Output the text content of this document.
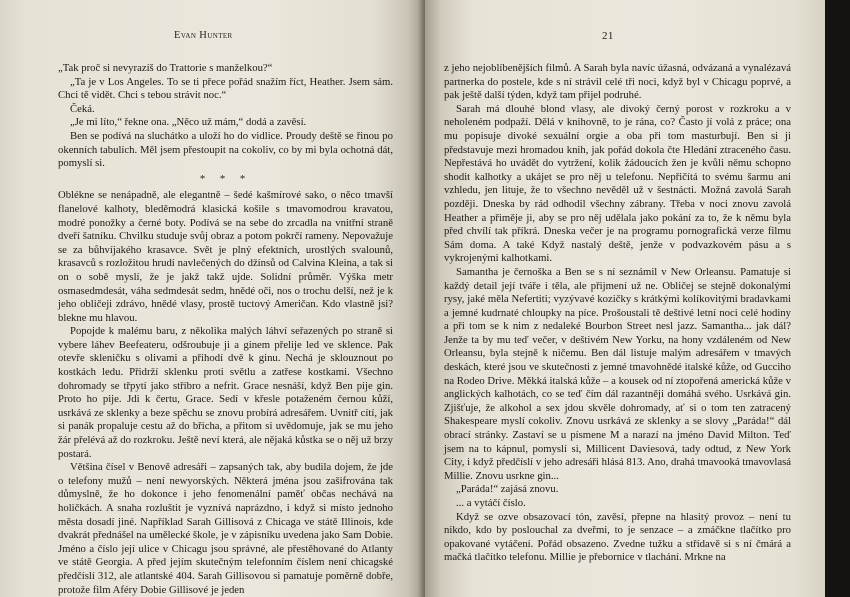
Evan Hunter

„Tak proč si nevyrazíš do Trattorie s manželkou?“

„Ta je v Los Angeles. To se ti přece pořád snažím říct, Heather. Jsem sám. Chci tě vidět. Chci s tebou strávit noc.“

Čeká.

„Je mi líto,“ řekne ona. „Něco už mám,“ dodá a zavěsí.

Ben se podívá na sluchátko a uloží ho do vidlice. Proudy deště se řinou po okenních tabulích. Měl jsem přestoupit na cokoliv, co by mi byla ochotná dát, pomyslí si.

* * *

Oblékne se nenápadně, ale elegantně – šedé kašmírové sako, o něco tmavší flanelové kalhoty, bleděmodrá klasická košile s tmavomodrou kravatou, modré ponožky a černé boty. Podívá se na sebe do zrcadla na vnitřní straně dveří šatníku. Chvilku studuje svůj obraz a potom pokrčí rameny. Nepovažuje se za bůhvíjakého krasavce. Svět je plný efektních, urostlých svalounů, krasavců s rozložitou hrudí navlečených do džínsů od Calvina Kleina, a tak si on o sobě myslí, že je jakž takž ujde. Solidní průměr. Výška metr osmasedmdesát, váha sedmdesát sedm, hnědé oči, nos o trochu delší, než je k jeho obličeji zdrávo, hnědé vlasy, prostě tuctový Američan. Kdo vlastně jsi? blekne mu hlavou.

Popojde k malému baru, z několika malých láhví seřazených po straně si vybere láhev Beefeateru, odšroubuje ji a ginem přelije led ve sklence. Pak otevře skleničku s olivami a přihodí dvě k ginu. Nechá je sklouznout po kostkách ledu. Přidrží sklenku proti světlu a zatřese kostkami. Všechno dohromady se třpytí jako stříbro a nefrit. Grace nesnáší, když Ben pije gin. Proto ho pije. Jdi k čertu, Grace. Sedí v křesle potaženém černou kůží, usrkává ze sklenky a beze spěchu se znovu probírá adresářem. Uvnitř cítí, jak si panák propaluje cestu až do břicha, a přitom si uvědomuje, jak se mu jeho žár přelévá až do rozkroku. Ještě neví která, ale nějaká kůstka se o něj už brzy postará.

Většina čísel v Benově adresáři – zapsaných tak, aby budila dojem, že jde o telefony mužů – není newyorských. Některá jména jsou zašifrována tak důmyslně, že ho dokonce i jeho fenomenální paměť občas nechává na holičkách. A snaha rozluštit je vyznívá naprázdno, i když si místo jednoho města dosadí jiné. Například Sarah Gillisová z Chicaga ve státě Illinois, kde dvakrát přednášel na umělecké škole, je v zápisníku uvedena jako Sam Dobie. Jméno a číslo její ulice v Chicagu jsou správné, ale přestěhované do Atlanty ve státě Georgia. A před jejím skutečným telefonním číslem není chicagské předčíslí 312, ale atlantské 404. Sarah Gillisovou si pamatuje poměrně dobře, protože film Aféry Dobie Gillisové je jeden

21

z jeho nejoblíbenějších filmů. A Sarah byla navíc úžasná, odvázaná a vynalézavá partnerka do postele, kde s ní strávil celé tři noci, když byl v Chicagu poprvé, a pak ještě další týden, když tam přijel podruhé.

Sarah má dlouhé blond vlasy, ale divoký černý porost v rozkroku a v neholeném podpaží. Dělá v knihovně, to je rána, co? Často jí volá z práce; ona mu popisuje divoké sexuální orgie a oba při tom masturbují. Ben si ji představuje mezi hromadou knih, jak pořád dokola čte Hledání ztraceného času. Nepřestává ho uvádět do vytržení, kolik žádoucích žen je kvůli němu schopno shodit kalhotky a ukájet se pro něj u telefonu. Nepřičítá to svému šarmu ani vzhledu, jen lituje, že to všechno nevěděl už v šestnácti. Možná zavolá Sarah později. Dneska by rád odhodil všechny zábrany. Třeba v noci znovu zavolá Heather a přiměje ji, aby se pro něj udělala jako pokání za to, že k němu byla před chvílí tak příkrá. Dneska večer je na programu pornografická verze filmu Sám doma. A také Když nastalý deště, jenže v podvazkovém pásu a s vykrojenými kalhotkami.

Samantha je černoška a Ben se s ní seznámil v New Orleansu. Pamatuje si každý detail její tváře i těla, ale přijmení už ne. Obličej se stejně dokonalými rysy, jaké měla Nefertiti; vyzývavé kozičky s krátkými kolíkovitými bradavkami a jemné kudrnaté chloupky na píce. Prošoustali tě deštivé letní noci celé hodiny a při tom se k nim z nedaleké Bourbon Street nesl jazz. Samantha... jak dál? Jenže ta by mu teď večer, v deštivém New Yorku, na hony vzdáleném od New Orleansu, byla stejně k ničemu. Ben dál listuje malým adresářem v tmavých deskách, které jsou ve skutečnosti z jemné tmavohnědé italské kůže, od Gucciho na Rodeo Drive. Měkká italská kůže – a kousek od ní ztopořená americká kůže v anglických kalhotách, co se teď čím dál razantněji domáhá svého. Usrkává gin. Zjišťuje, že alkohol a sex jdou skvěle dohromady, ať si o tom ten zatracený Shakespeare myslí cokoliv. Znovu usrkává ze sklenky a se slovy „Paráda!“ dál obrací stránky. Zastaví se u písmene M a narazí na jméno David Milton. Teď jsem na to kápnul, pomyslí si, Millicent Daviesová, tady odtud, z New York City, i když předčíslí v jeho adresáři hlásá 813. Ano, drahá tmavooká tmavovlasá Millie. Znovu usrkne gin...

„Paráda!“ zajásá znovu.

... a vytáčí číslo.

Když se ozve obsazovací tón, zavěsí, přepne na hlasitý provoz – není tu nikdo, kdo by poslouchal za dveřmi, to je senzace – a zmáčkne tlačítko pro opakované vytáčení. Pořád obsazeno. Zvedne tužku a střídavě si s ní čmárá a mačká tlačítko telefonu. Millie je přebornice v tlachání. Mrkne na
